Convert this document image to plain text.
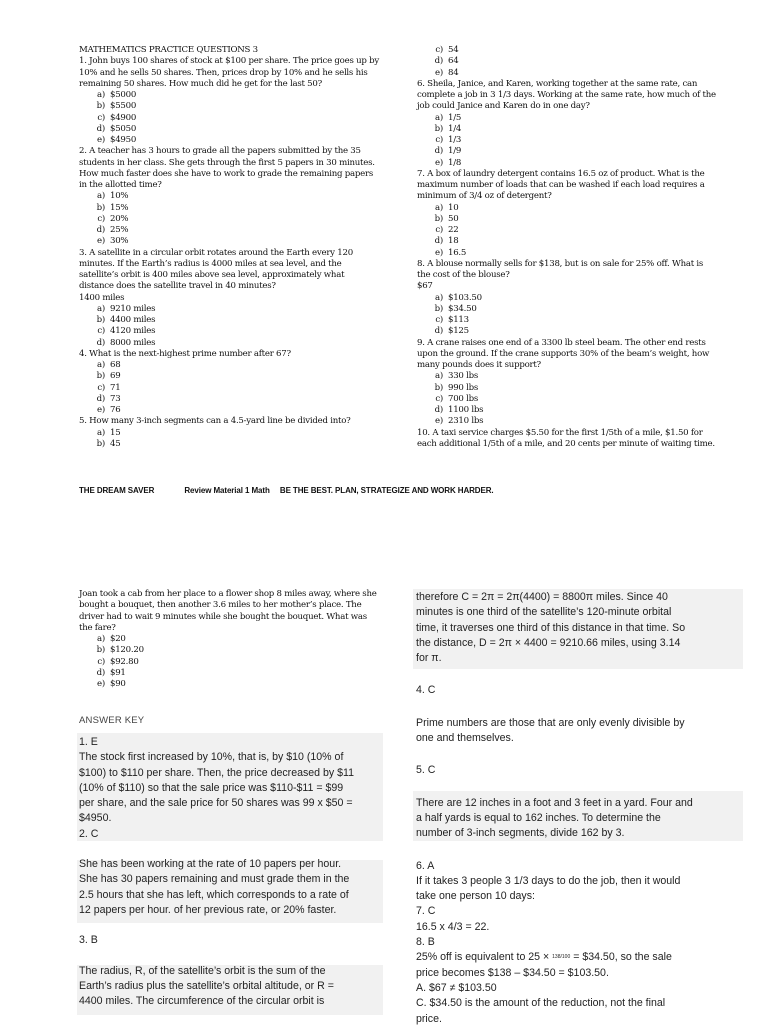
MATHEMATICS PRACTICE QUESTIONS 3

1. John buys 100 shares of stock at $100 per share. The price goes up by

10% and he sells 50 shares. Then, prices drop by 10% and he sells his

remaining 50 shares. How much did he get for the last 50?

a) $5000
b) $5500
c) $4900
d) $5050
e) $4950

2. A teacher has 3 hours to grade all the papers submitted by the 35

students in her class. She gets through the first 5 papers in 30 minutes.

How much faster does she have to work to grade the remaining papers

in the allotted time?

a) 10%
b) 15%
c) 20%
d) 25%
e) 30%

3. A satellite in a circular orbit rotates around the Earth every 120

minutes. If the Earth’s radius is 4000 miles at sea level, and the

satellite’s orbit is 400 miles above sea level, approximately what

distance does the satellite travel in 40 minutes?

1400 miles

a) 9210 miles
b) 4400 miles
c) 4120 miles
d) 8000 miles

4. What is the next-highest prime number after 67?

a) 68
b) 69
c) 71
d) 73
e) 76

5. How many 3-inch segments can a 4.5-yard line be divided into?

a) 15
b) 45
c) 54
d) 64
e) 84

6. Sheila, Janice, and Karen, working together at the same rate, can

complete a job in 3 1/3 days. Working at the same rate, how much of the

job could Janice and Karen do in one day?

a) 1/5
b) 1/4
c) 1/3
d) 1/9
e) 1/8

7. A box of laundry detergent contains 16.5 oz of product. What is the

maximum number of loads that can be washed if each load requires a

minimum of 3/4 oz of detergent?

a) 10
b) 50
c) 22
d) 18
e) 16.5

8. A blouse normally sells for $138, but is on sale for 25% off. What is

the cost of the blouse?

$67

a) $103.50
b) $34.50
c) $113
d) $125

9. A crane raises one end of a 3300 lb steel beam. The other end rests

upon the ground. If the crane supports 30% of the beam’s weight, how

many pounds does it support?

a) 330 lbs
b) 990 lbs
c) 700 lbs
d) 1100 lbs
e) 2310 lbs

10. A taxi service charges $5.50 for the first 1/5th of a mile, $1.50 for

each additional 1/5th of a mile, and 20 cents per minute of waiting time.

THE DREAM SAVER	Review Material 1 Math BE THE BEST. PLAN, STRATEGIZE AND WORK HARDER.

Joan took a cab from her place to a flower shop 8 miles away, where she

bought a bouquet, then another 3.6 miles to her mother’s place. The

driver had to wait 9 minutes while she bought the bouquet. What was

the fare?

a) $20
b) $120.20
c) $92.80
d) $91
e) $90
ANSWER KEY

1. E

The stock first increased by 10%, that is, by $10 (10% of

$100) to $110 per share. Then, the price decreased by $11

(10% of $110) so that the sale price was $110-$11 = $99

per share, and the sale price for 50 shares was 99 x $50 =

$4950.

2. C

She has been working at the rate of 10 papers per hour.

She has 30 papers remaining and must grade them in the

2.5 hours that she has left, which corresponds to a rate of

12 papers per hour. of her previous rate, or 20% faster.

3. B

The radius, R, of the satellite’s orbit is the sum of the

Earth’s radius plus the satellite’s orbital altitude, or R =

4400 miles. The circumference of the circular orbit is

therefore C = 2π = 2π(4400) = 8800π miles. Since 40

minutes is one third of the satellite’s 120-minute orbital

time, it traverses one third of this distance in that time. So

the distance, D = 2π × 4400 = 9210.66 miles, using 3.14

for π.

4. C

Prime numbers are those that are only evenly divisible by

one and themselves.

5. C

There are 12 inches in a foot and 3 feet in a yard. Four and

a half yards is equal to 162 inches. To determine the

number of 3-inch segments, divide 162 by 3.

6. A

If it takes 3 people 3 1/3 days to do the job, then it would

take one person 10 days:

7. C

16.5 x 4/3 = 22.

8. B

25% off is equivalent to 25 × 138/100 = $34.50, so the sale

price becomes $138 – $34.50 = $103.50.

A. $67 ≠ $103.50

C. $34.50 is the amount of the reduction, not the final

price.
